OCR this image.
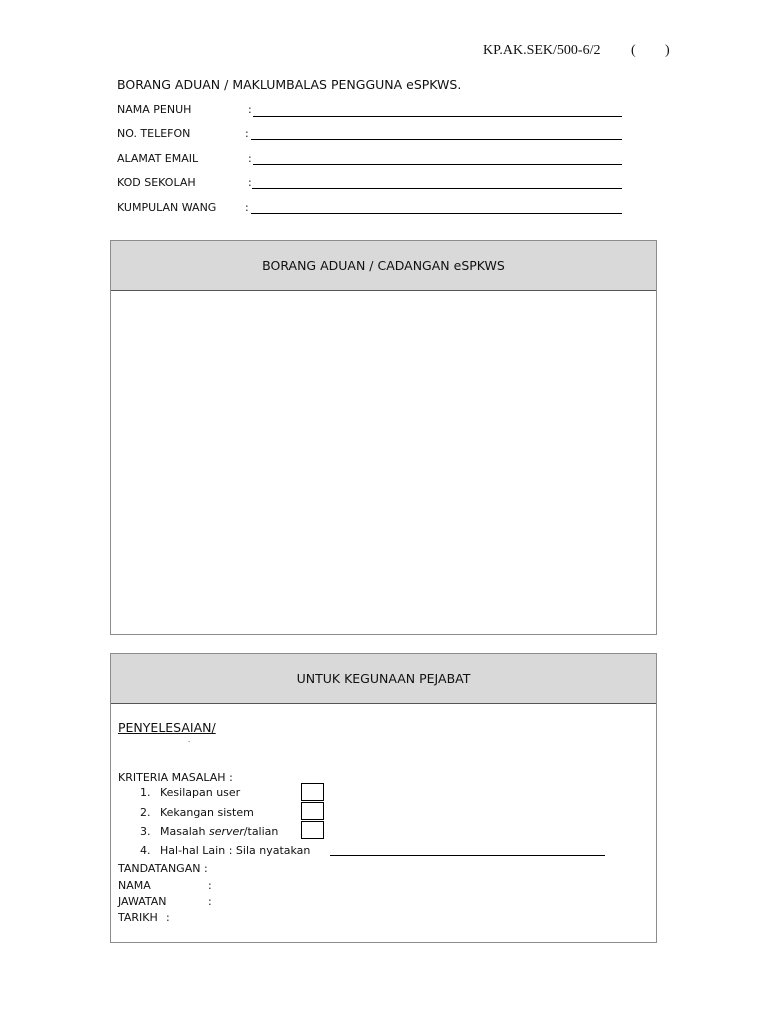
KP.AK.SEK/500-6/2 ( )
BORANG ADUAN / MAKLUMBALAS PENGGUNA eSPKWS.
NAMA PENUH	:
NO. TELEFON	:
ALAMAT EMAIL	:
KOD SEKOLAH	:
KUMPULAN WANG	:
BORANG ADUAN / CADANGAN eSPKWS
UNTUK KEGUNAAN PEJABAT
PENYELESAIAN/
.
KRITERIA MASALAH :
1. Kesilapan user
2. Kekangan sistem
3. Masalah server/talian
4. Hal-hal Lain : Sila nyatakan
TANDATANGAN :
NAMA	:
JAWATAN	:
TARIKH :
